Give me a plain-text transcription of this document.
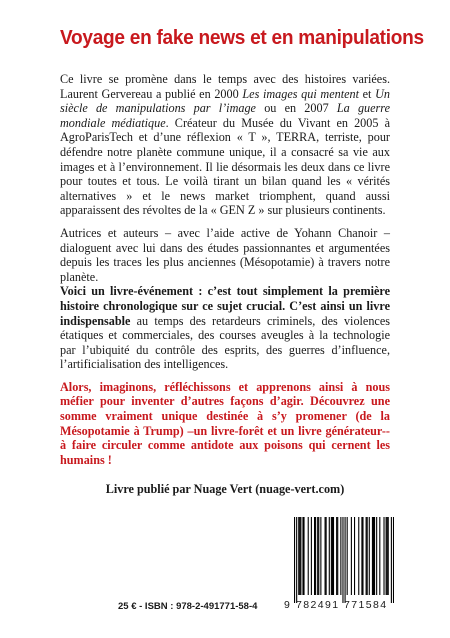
Voyage en fake news et en manipulations

Ce livre se promène dans le temps avec des histoires variées. Laurent Gervereau a publié en 2000 Les images qui mentent et Un siècle de manipulations par l’image ou en 2007 La guerre mondiale médiatique. Créateur du Musée du Vivant en 2005 à AgroParisTech et d’une réflexion « T », TERRA, terriste, pour défendre notre planète commune unique, il a consacré sa vie aux images et à l’environnement. Il lie désormais les deux dans ce livre pour toutes et tous. Le voilà tirant un bilan quand les « vérités alternatives » et le news market triomphent, quand aussi apparaissent des révoltes de la « GEN Z » sur plusieurs continents.

Autrices et auteurs – avec l’aide active de Yohann Chanoir – dialoguent avec lui dans des études passionnantes et argumentées depuis les traces les plus anciennes (Mésopotamie) à travers notre planète.

Voici un livre-événement : c’est tout simplement la première histoire chronologique sur ce sujet crucial. C’est ainsi un livre indispensable au temps des retardeurs criminels, des violences étatiques et commerciales, des courses aveugles à la technologie par l’ubiquité du contrôle des esprits, des guerres d’influence, l’artificialisation des intelligences.

Alors, imaginons, réfléchissons et apprenons ainsi à nous méfier pour inventer d’autres façons d’agir. Découvrez une somme vraiment unique destinée à s’y promener (de la Mésopotamie à Trump) –un livre-forêt et un livre générateur-- à faire circuler comme antidote aux poisons qui cernent les humains !

Livre publié par Nuage Vert (nuage-vert.com)
25 € - ISBN : 978-2-491771-58-4	9 782491 771584
